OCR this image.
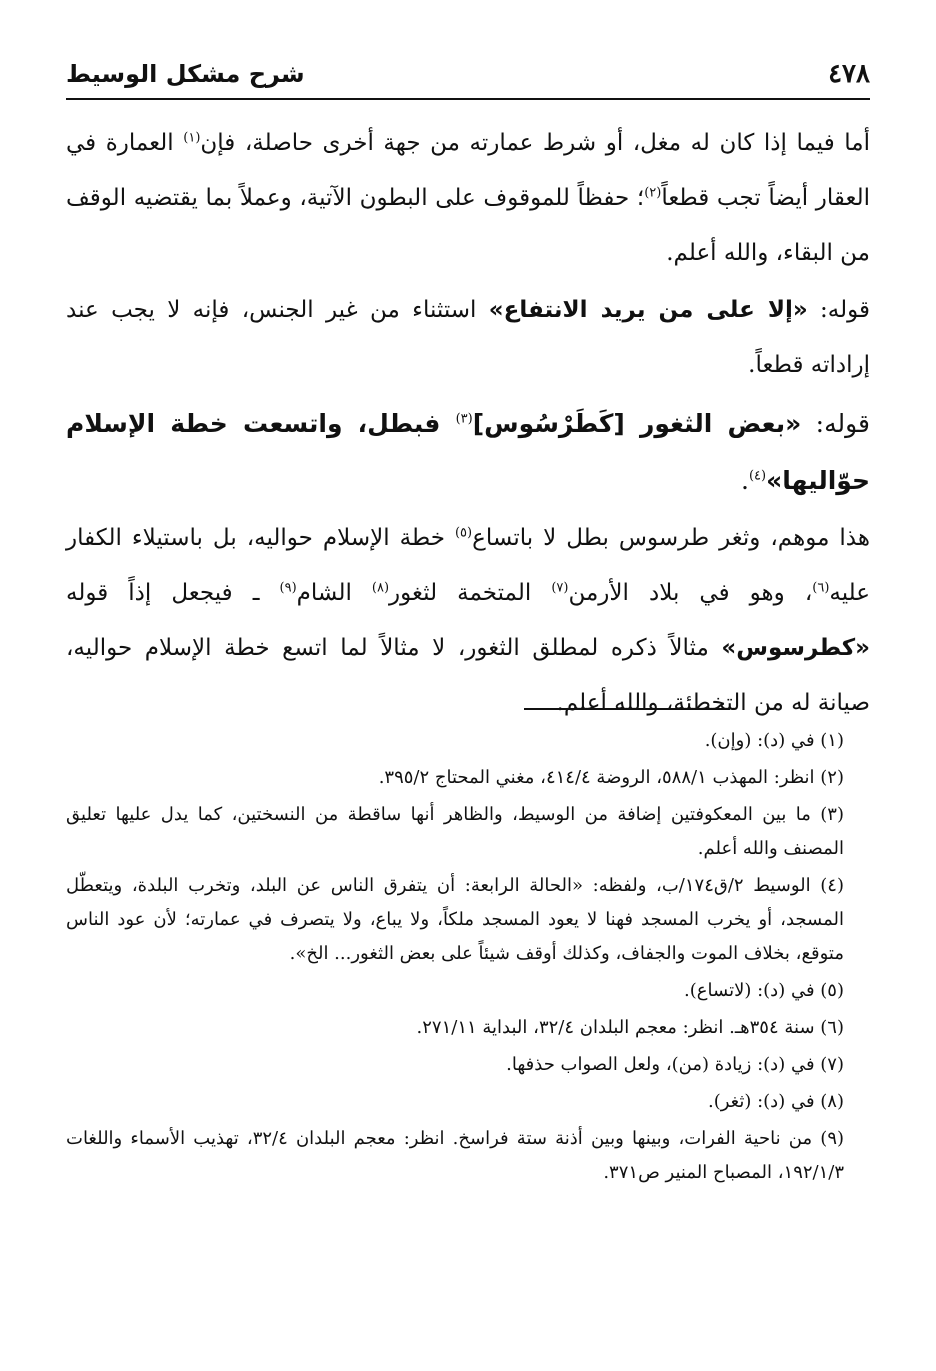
٤٧٨
شرح مشكل الوسيط

أما فيما إذا كان له مغل، أو شرط عمارته من جهة أخرى حاصلة، فإن$^{(١)}$ العمارة في العقار أيضاً تجب قطعاً$^{(٢)}$؛ حفظاً للموقوف على البطون الآتية، وعملاً بما يقتضيه الوقف من البقاء، والله أعلم.

قوله: «إلا على من يريد الانتفاع» استثناء من غير الجنس، فإنه لا يجب عند إراداته قطعاً.

قوله: «بعض الثغور [كَطَرْسُوس]$^{(٣)}$ فبطل، واتسعت خطة الإسلام حوّاليها»$^{(٤)}$.

هذا موهم، وثغر طرسوس بطل لا باتساع$^{(٥)}$ خطة الإسلام حواليه، بل باستيلاء الكفار عليه$^{(٦)}$، وهو في بلاد الأرمن$^{(٧)}$ المتخمة لثغور$^{(٨)}$ الشام$^{(٩)}$ ـ فيجعل إذاً قوله «كطرسوس» مثالاً ذكره لمطلق الثغور، لا مثالاً لما اتسع خطة الإسلام حواليه، صيانة له من التخطئة، والله أعلم.

(١) في (د): (وإن).

(٢) انظر: المهذب ٥٨٨/١، الروضة ٤١٤/٤، مغني المحتاج ٣٩٥/٢.

(٣) ما بين المعكوفتين إضافة من الوسيط، والظاهر أنها ساقطة من النسختين، كما يدل عليها تعليق المصنف والله أعلم.

(٤) الوسيط ٢/ق١٧٤/ب، ولفظه: «الحالة الرابعة: أن يتفرق الناس عن البلد، وتخرب البلدة، ويتعطّل المسجد، أو يخرب المسجد فهنا لا يعود المسجد ملكاً، ولا يباع، ولا يتصرف في عمارته؛ لأن عود الناس متوقع، بخلاف الموت والجفاف، وكذلك أوقف شيئاً على بعض الثغور... الخ».

(٥) في (د): (لاتساع).

(٦) سنة ٣٥٤هـ. انظر: معجم البلدان ٣٢/٤، البداية ٢٧١/١١.

(٧) في (د): زيادة (من)، ولعل الصواب حذفها.

(٨) في (د): (ثغر).

(٩) من ناحية الفرات، وبينها وبين أذنة ستة فراسخ. انظر: معجم البلدان ٣٢/٤، تهذيب الأسماء واللغات ١٩٢/١/٣، المصباح المنير ص٣٧١.
